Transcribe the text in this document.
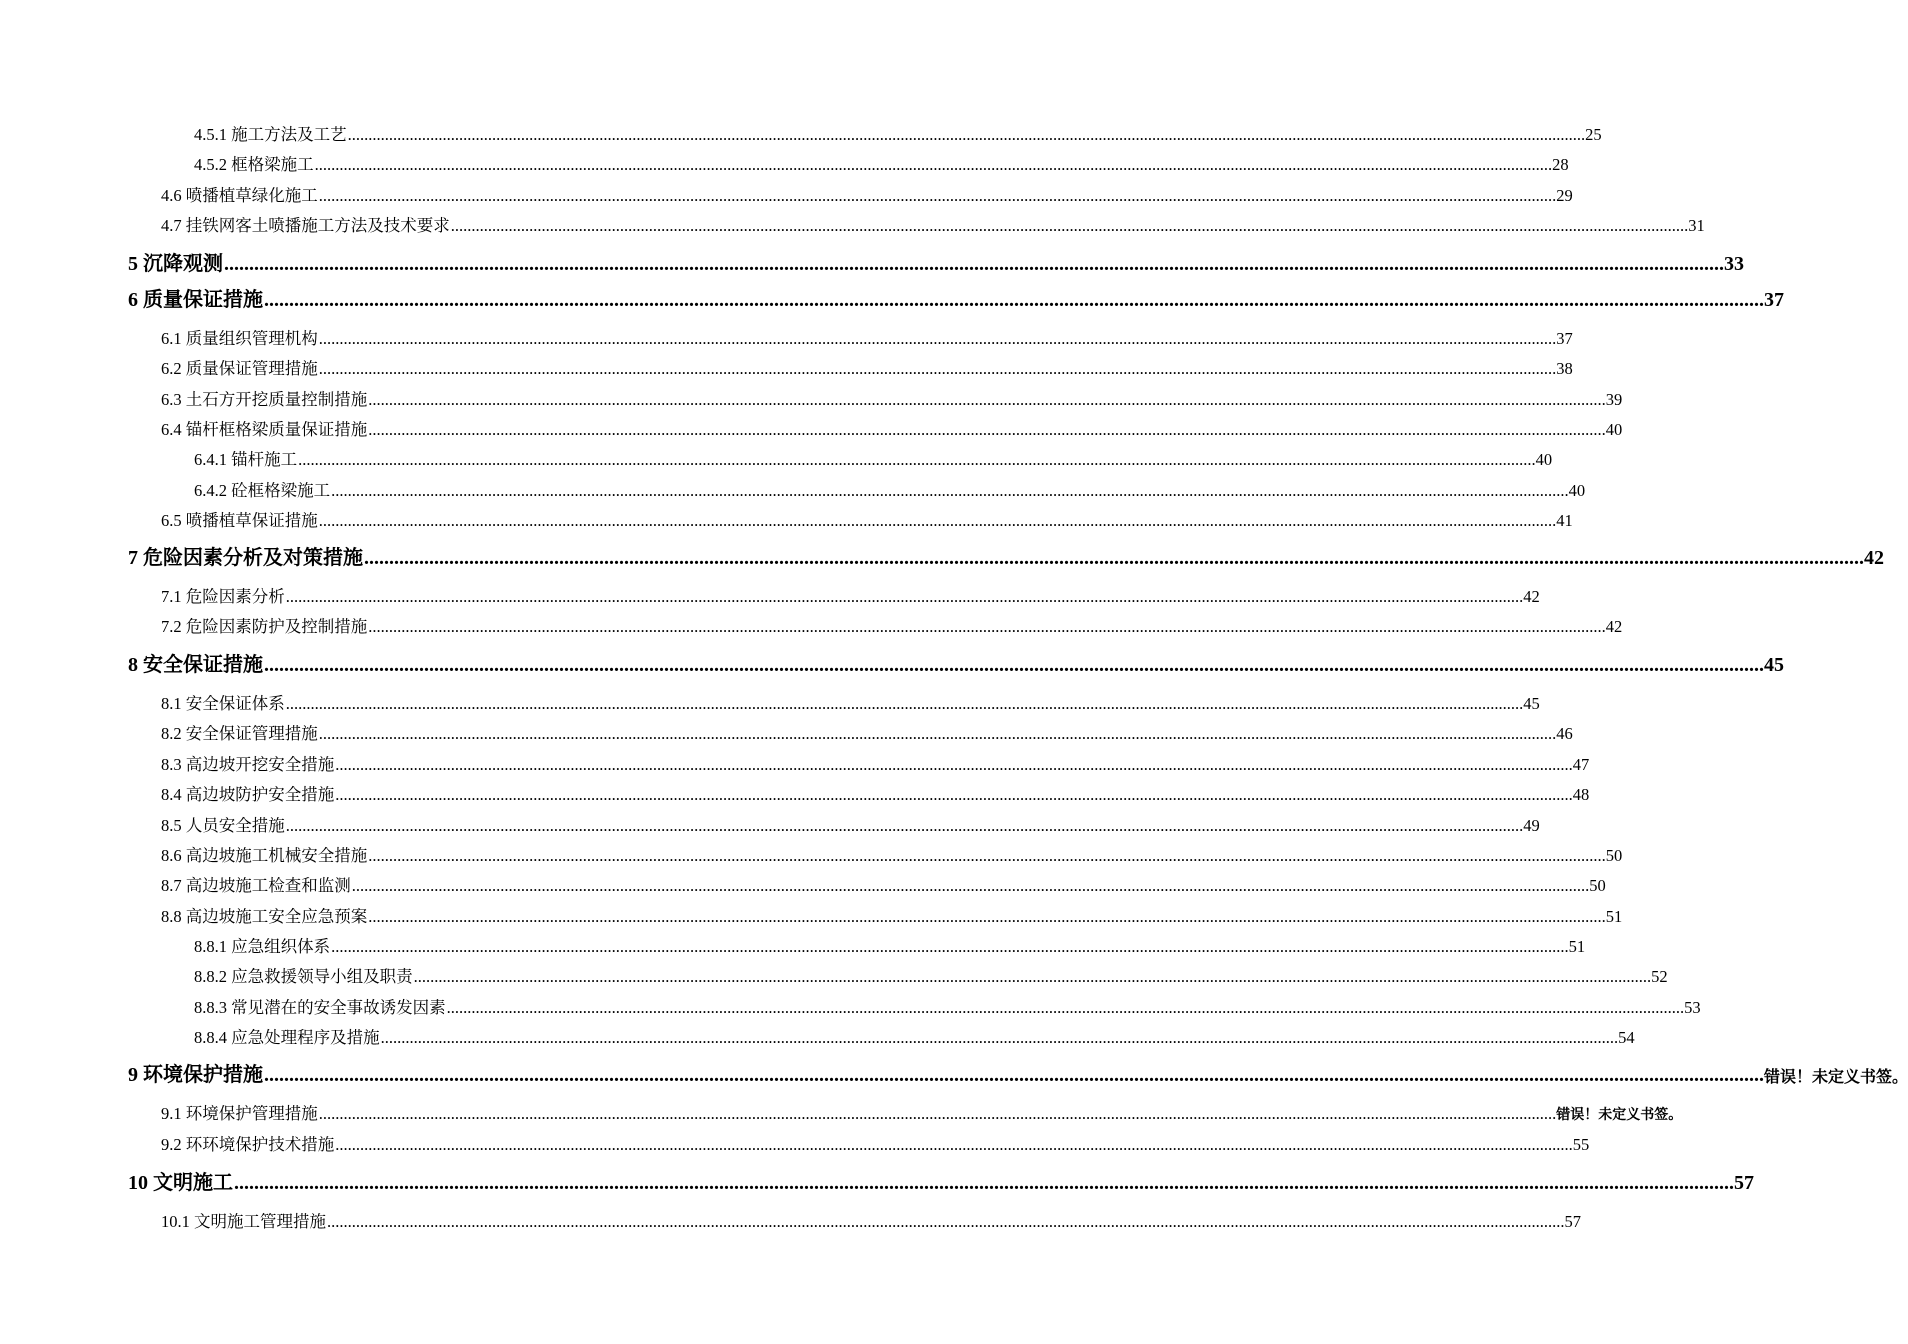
4.5.1 施工方法及工艺 ............................................................................................................................................................................................................................................................................................................ 25
4.5.2 框格梁施工 ............................................................................................................................................................................................................................................................................................................ 28
4.6 喷播植草绿化施工 ............................................................................................................................................................................................................................................................................................................ 29
4.7 挂铁网客土喷播施工方法及技术要求 ............................................................................................................................................................................................................................................................................................................ 31
5 沉降观测 ............................................................................................................................................................................................................................................................................................................ 33
6 质量保证措施 ............................................................................................................................................................................................................................................................................................................ 37
6.1 质量组织管理机构 ............................................................................................................................................................................................................................................................................................................ 37
6.2 质量保证管理措施 ............................................................................................................................................................................................................................................................................................................ 38
6.3 土石方开挖质量控制措施 ............................................................................................................................................................................................................................................................................................................ 39
6.4 锚杆框格梁质量保证措施 ............................................................................................................................................................................................................................................................................................................ 40
6.4.1 锚杆施工 ............................................................................................................................................................................................................................................................................................................ 40
6.4.2 砼框格梁施工 ............................................................................................................................................................................................................................................................................................................ 40
6.5 喷播植草保证措施 ............................................................................................................................................................................................................................................................................................................ 41
7 危险因素分析及对策措施 ............................................................................................................................................................................................................................................................................................................ 42
7.1 危险因素分析 ............................................................................................................................................................................................................................................................................................................ 42
7.2 危险因素防护及控制措施 ............................................................................................................................................................................................................................................................................................................ 42
8 安全保证措施 ............................................................................................................................................................................................................................................................................................................ 45
8.1 安全保证体系 ............................................................................................................................................................................................................................................................................................................ 45
8.2 安全保证管理措施 ............................................................................................................................................................................................................................................................................................................ 46
8.3 高边坡开挖安全措施 ............................................................................................................................................................................................................................................................................................................ 47
8.4 高边坡防护安全措施 ............................................................................................................................................................................................................................................................................................................ 48
8.5 人员安全措施 ............................................................................................................................................................................................................................................................................................................ 49
8.6 高边坡施工机械安全措施 ............................................................................................................................................................................................................................................................................................................ 50
8.7 高边坡施工检查和监测 ............................................................................................................................................................................................................................................................................................................ 50
8.8 高边坡施工安全应急预案 ............................................................................................................................................................................................................................................................................................................ 51
8.8.1 应急组织体系 ............................................................................................................................................................................................................................................................................................................ 51
8.8.2 应急救援领导小组及职责 ............................................................................................................................................................................................................................................................................................................ 52
8.8.3 常见潜在的安全事故诱发因素 ............................................................................................................................................................................................................................................................................................................ 53
8.8.4 应急处理程序及措施 ............................................................................................................................................................................................................................................................................................................ 54
9 环境保护措施 ............................................................................................................................................................................................................................................................................................................ 错误！未定义书签。
9.1 环境保护管理措施 ............................................................................................................................................................................................................................................................................................................ 错误！未定义书签。
9.2 环环境保护技术措施 ............................................................................................................................................................................................................................................................................................................ 55
10 文明施工 ............................................................................................................................................................................................................................................................................................................ 57
10.1 文明施工管理措施 ............................................................................................................................................................................................................................................................................................................ 57
